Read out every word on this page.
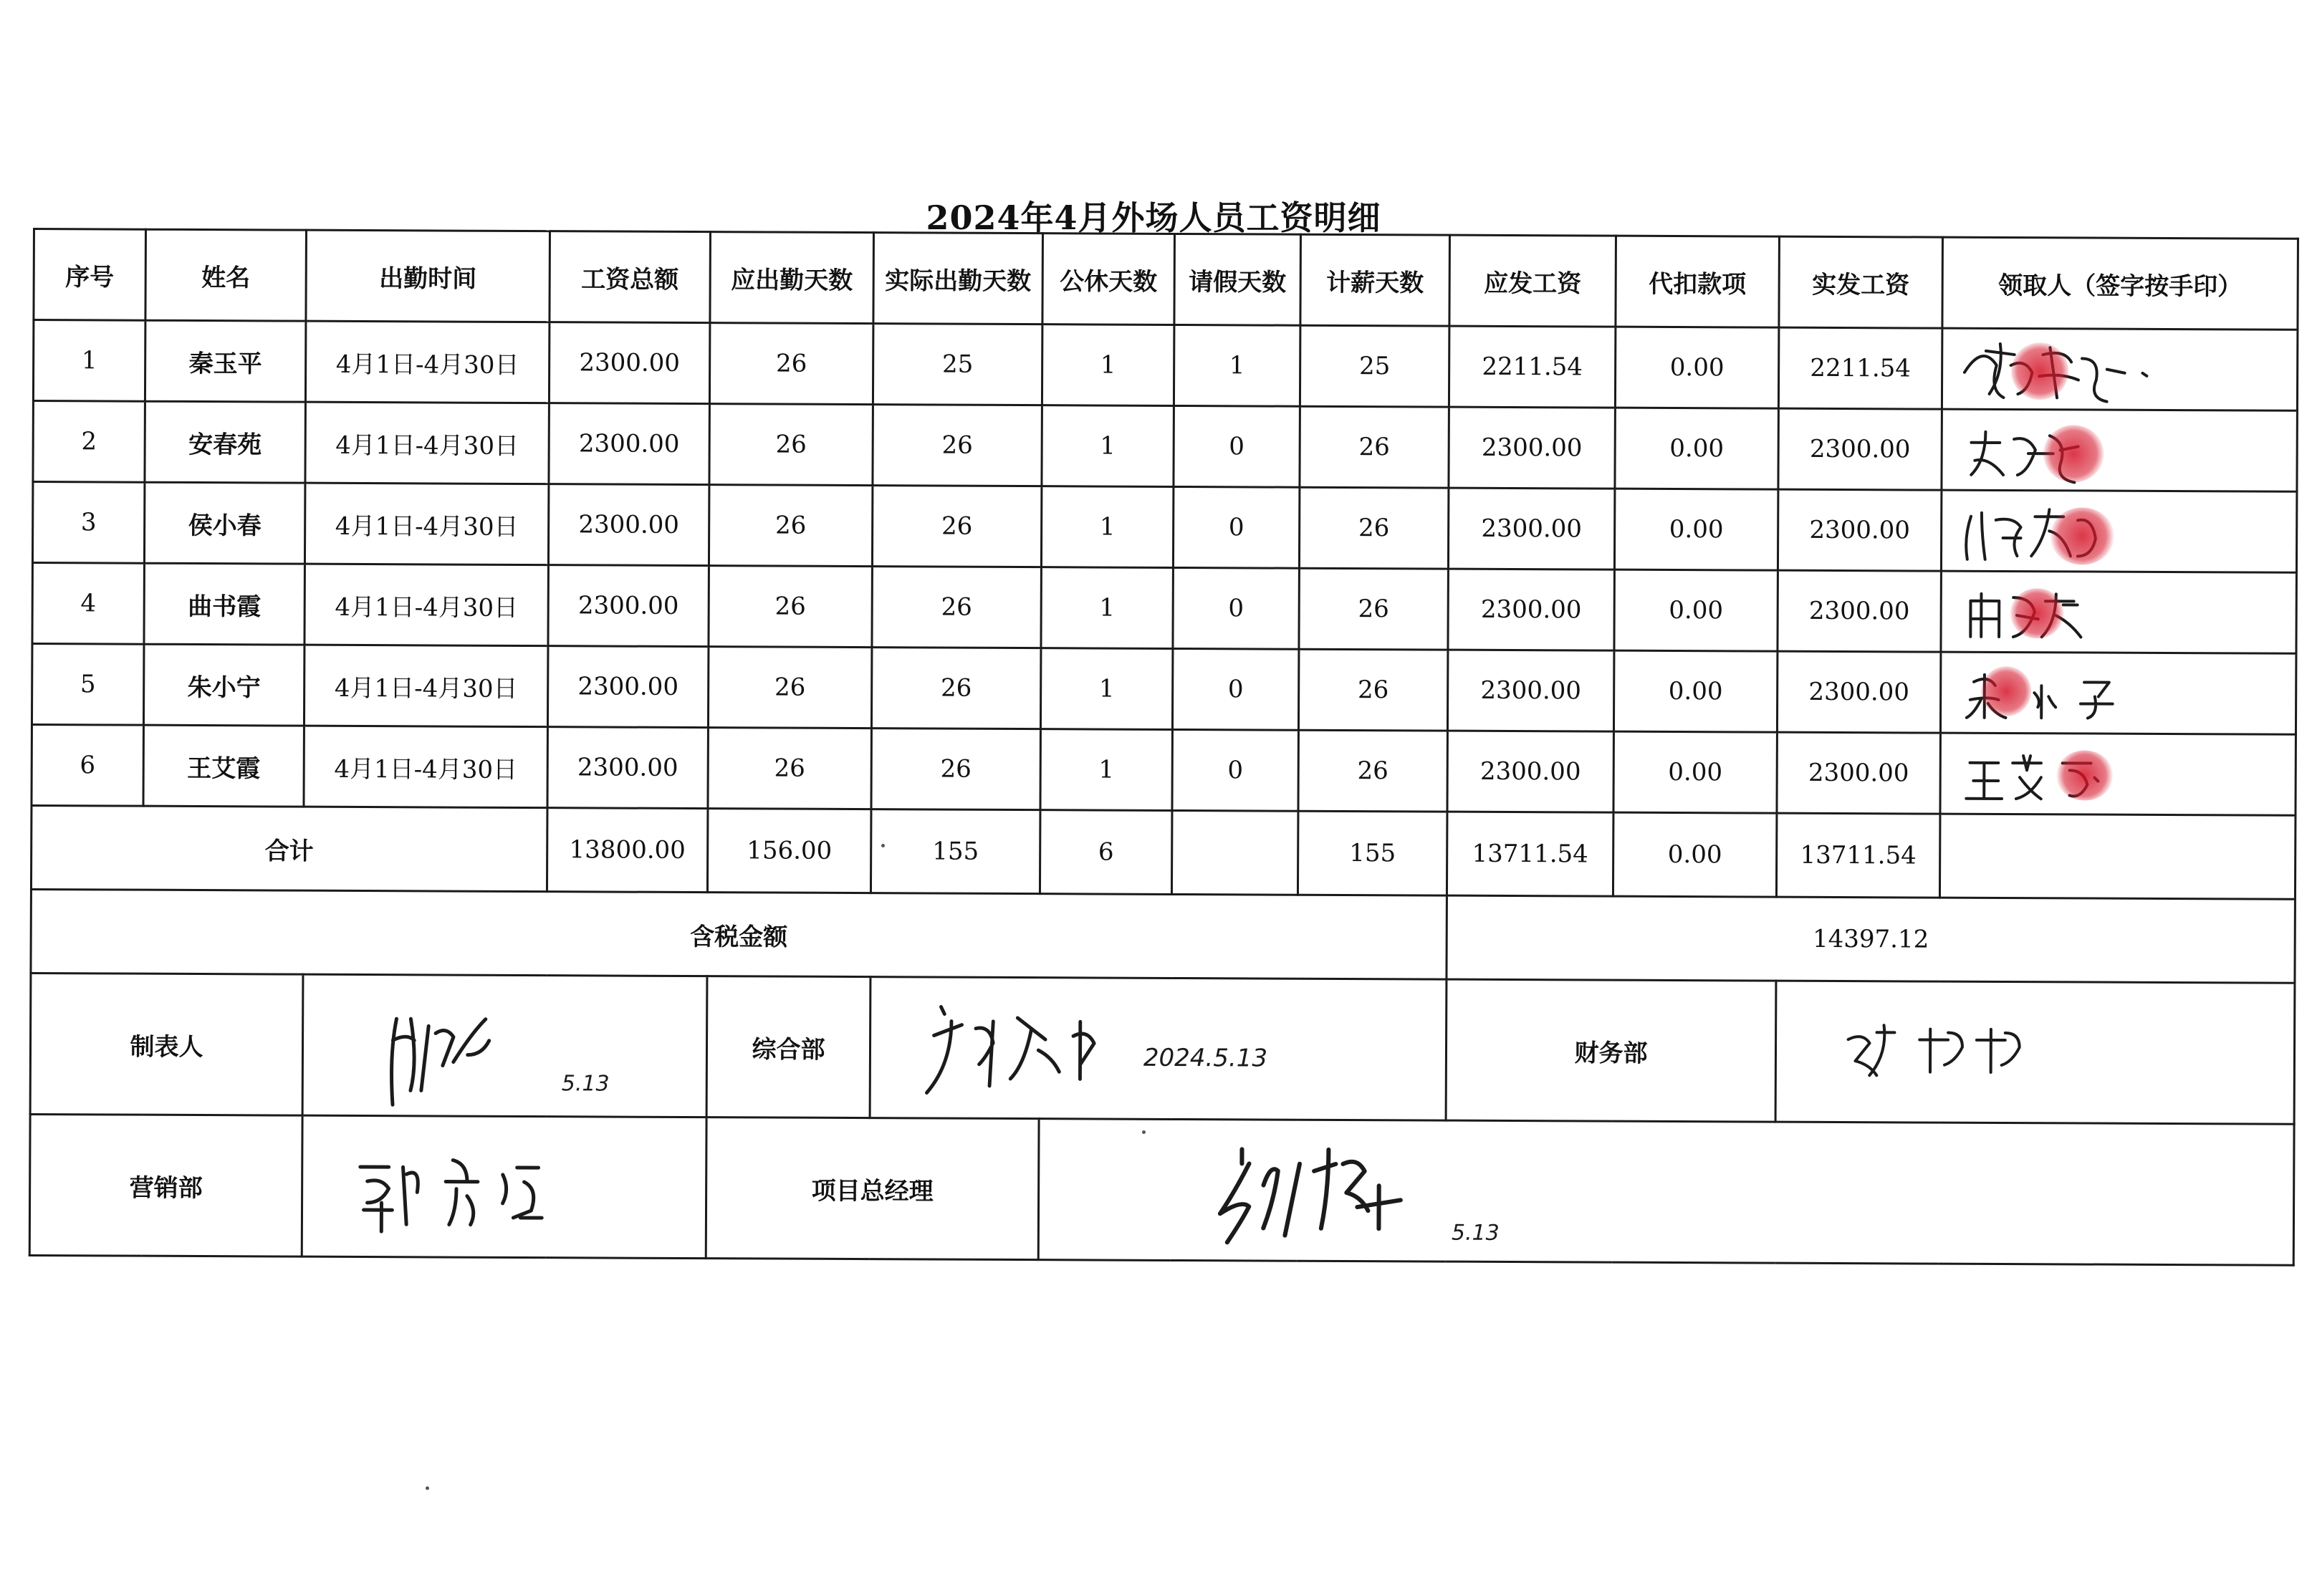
2024年4月外场人员工资明细
序号	姓名	出勤时间	工资总额	应出勤天数	实际出勤天数	公休天数	请假天数	计薪天数	应发工资	代扣款项	实发工资	领取人（签字按手印）
1	秦玉平	4月1日-4月30日	2300.00	26	25	1	1	25	2211.54	0.00	2211.54	

2	安春苑	4月1日-4月30日	2300.00	26	26	1	0	26	2300.00	0.00	2300.00	

3	侯小春	4月1日-4月30日	2300.00	26	26	1	0	26	2300.00	0.00	2300.00	

4	曲书霞	4月1日-4月30日	2300.00	26	26	1	0	26	2300.00	0.00	2300.00	

5	朱小宁	4月1日-4月30日	2300.00	26	26	1	0	26	2300.00	0.00	2300.00	

6	王艾霞	4月1日-4月30日	2300.00	26	26	1	0	26	2300.00	0.00	2300.00	

合计			13800.00	156.00	155	6		155	13711.54	0.00	13711.54	
含税金额									14397.12			
制表人		5.13		综合部	2024.5.13				财务部	

营销部				项目总经理		5.13						
